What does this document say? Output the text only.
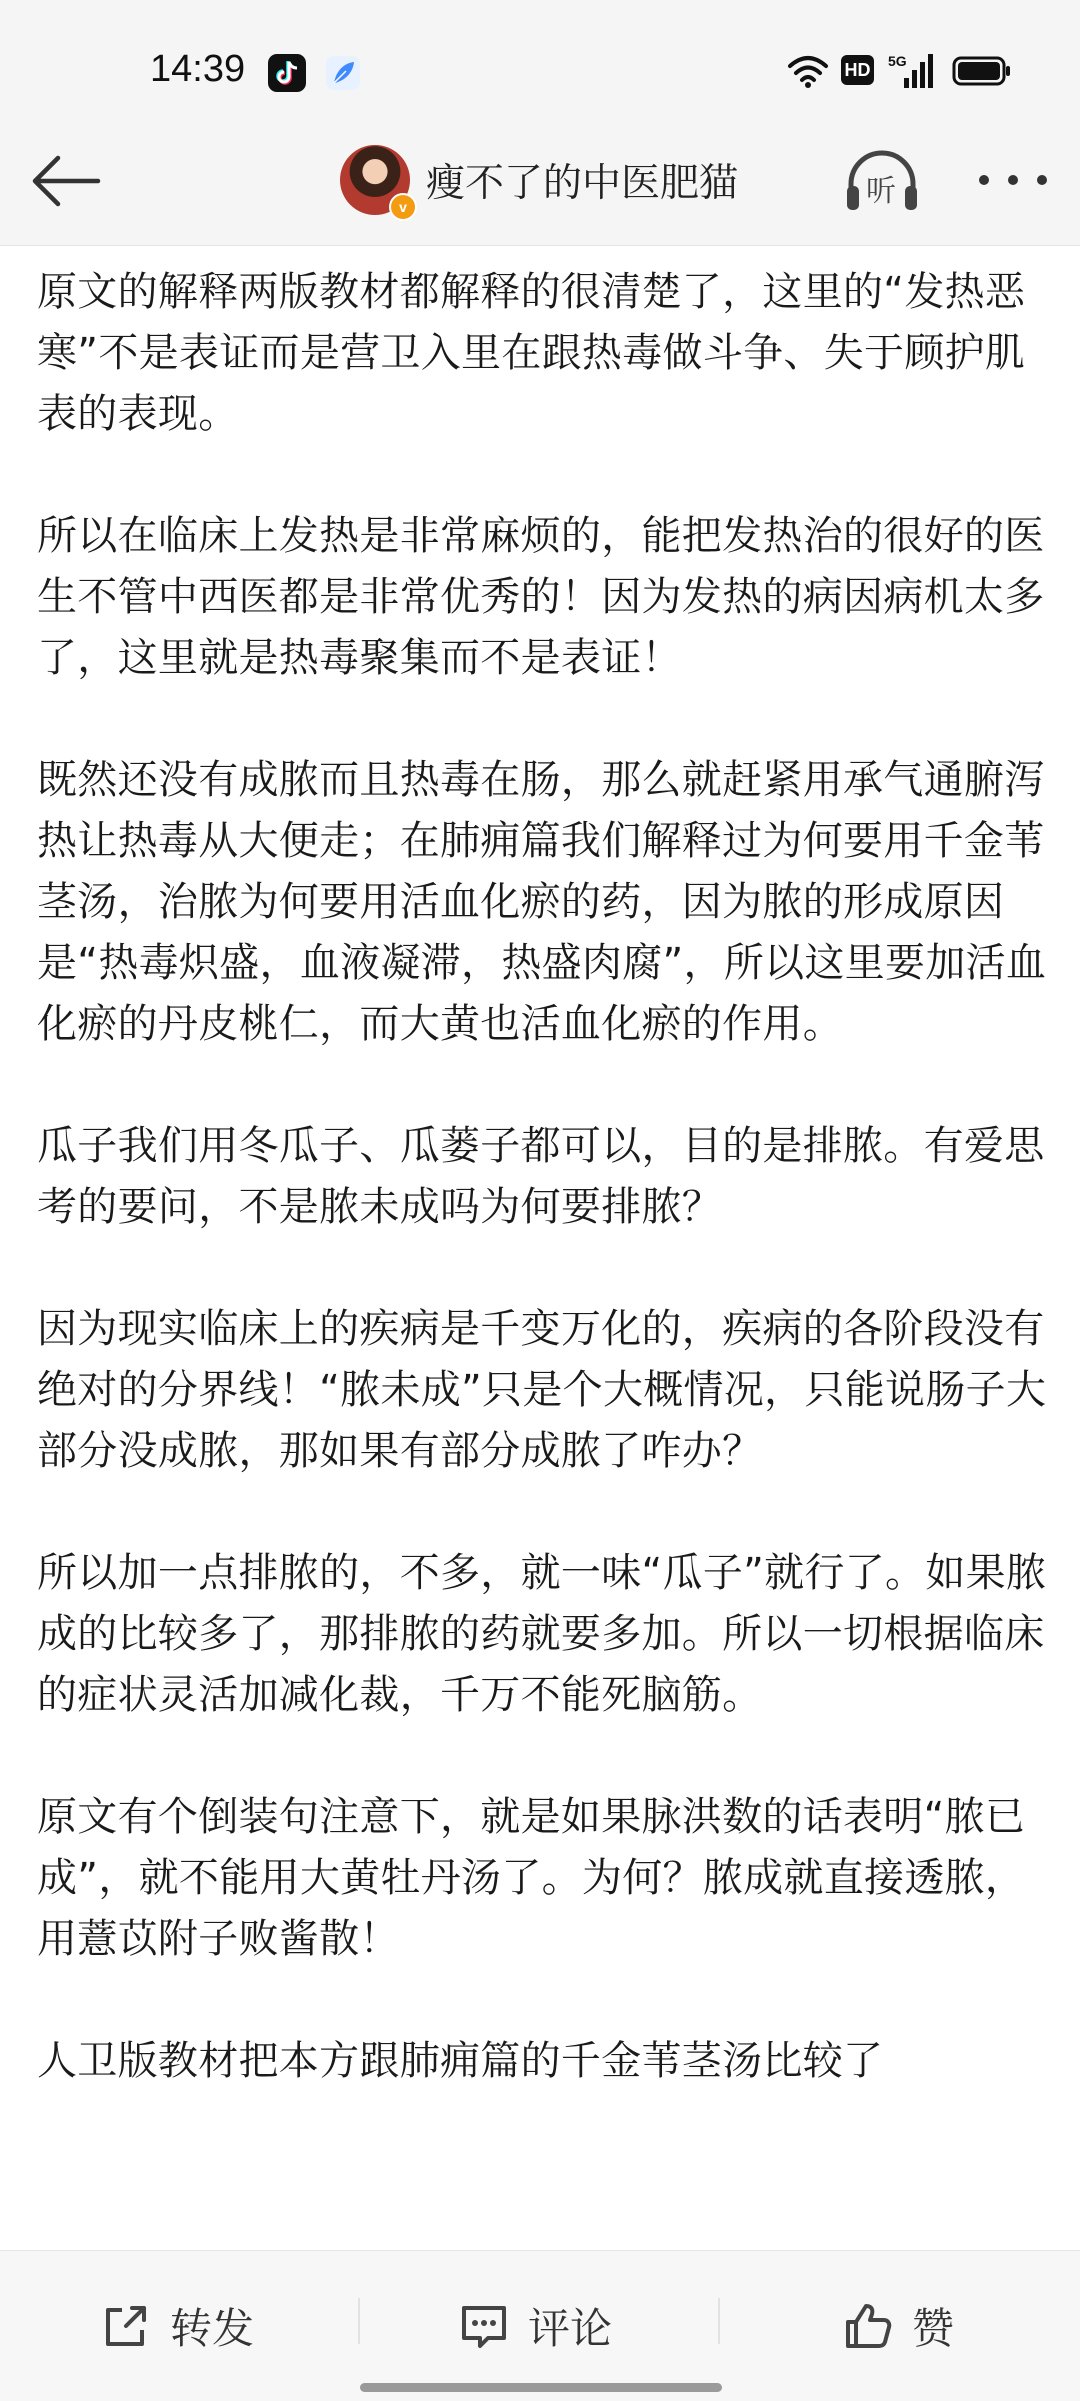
14:39	HD 5G
v
瘦不了的中医肥猫	听

原文的解释两版教材都解释的很清楚了，这里的“发热恶寒”不是表证而是营卫入里在跟热毒做斗争、失于顾护肌表的表现。

所以在临床上发热是非常麻烦的，能把发热治的很好的医生不管中西医都是非常优秀的！因为发热的病因病机太多了，这里就是热毒聚集而不是表证！

既然还没有成脓而且热毒在肠，那么就赶紧用承气通腑泻热让热毒从大便走；在肺痈篇我们解释过为何要用千金苇茎汤，治脓为何要用活血化瘀的药，因为脓的形成原因是“热毒炽盛，血液凝滞，热盛肉腐”，所以这里要加活血化瘀的丹皮桃仁，而大黄也活血化瘀的作用。

瓜子我们用冬瓜子、瓜蒌子都可以，目的是排脓。有爱思考的要问，不是脓未成吗为何要排脓？

因为现实临床上的疾病是千变万化的，疾病的各阶段没有绝对的分界线！“脓未成”只是个大概情况，只能说肠子大部分没成脓，那如果有部分成脓了咋办？

所以加一点排脓的，不多，就一味“瓜子”就行了。如果脓成的比较多了，那排脓的药就要多加。所以一切根据临床的症状灵活加减化裁，千万不能死脑筋。

原文有个倒装句注意下，就是如果脉洪数的话表明“脓已成”，就不能用大黄牡丹汤了。为何？脓成就直接透脓，用薏苡附子败酱散！

人卫版教材把本方跟肺痈篇的千金苇茎汤比较了

转发	评论	赞
